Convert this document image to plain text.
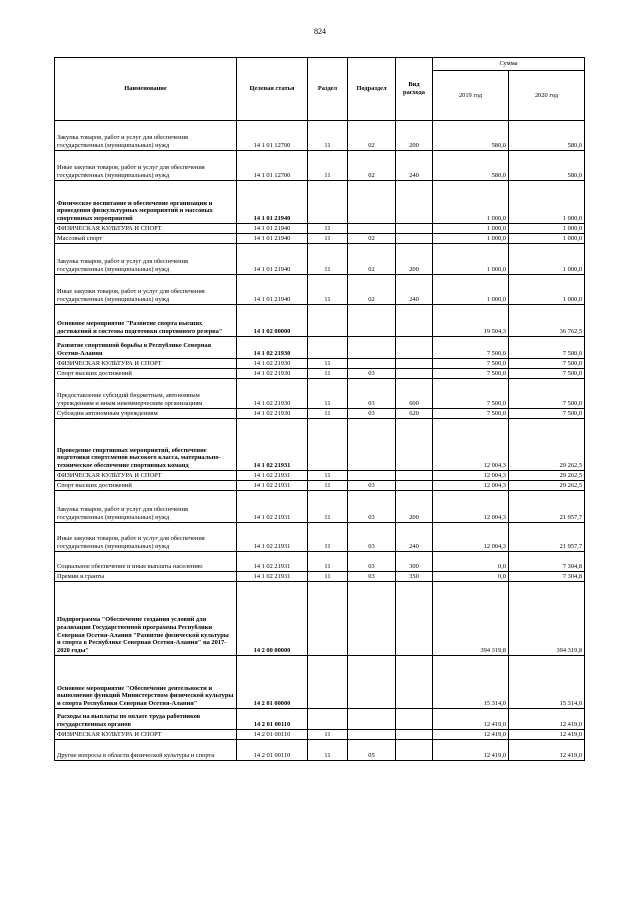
824
Наименование	Целевая статья	Раздел	Подраздел	Вид расхода	Сумма	
					2019 год	2020 год
Закупка товаров, работ и услуг для обеспечения государственных (муниципальных) нужд	14 1 01 12700	11	02	200	580,0	580,0
Иные закупки товаров, работ и услуг для обеспечения государственных (муниципальных) нужд	14 1 01 12700	11	02	240	580,0	580,0
Физическое воспитание и обеспечение организации и проведения физкультурных мероприятий и массовых спортивных мероприятий	14 1 01 21940				1 000,0	1 000,0
ФИЗИЧЕСКАЯ КУЛЬТУРА И СПОРТ	14 1 01 21940	11			1 000,0	1 000,0
Массовый спорт	14 1 01 21940	11	02		1 000,0	1 000,0
Закупка товаров, работ и услуг для обеспечения государственных (муниципальных) нужд	14 1 01 21940	11	02	200	1 000,0	1 000,0
Иные закупки товаров, работ и услуг для обеспечения государственных (муниципальных) нужд	14 1 01 21940	11	02	240	1 000,0	1 000,0
Основное мероприятие "Развитие спорта высших достижений и системы подготовки спортивного резерва"	14 1 02 00000				19 504,3	36 762,5
Развитие спортивной борьбы в Республике Северная Осетия-Алания	14 1 02 21930				7 500,0	7 500,0
ФИЗИЧЕСКАЯ КУЛЬТУРА И СПОРТ	14 1 02 21930	11			7 500,0	7 500,0
Спорт высших достижений	14 1 02 21930	11	03		7 500,0	7 500,0
Предоставление субсидий бюджетным, автономным учреждениям и иным некоммерческим организациям	14 1 02 21930	11	03	600	7 500,0	7 500,0
Субсидии автономным учреждениям	14 1 02 21930	11	03	620	7 500,0	7 500,0
Проведение спортивных мероприятий, обеспечение подготовки спортсменов высокого класса, материально-техническое обеспечение спортивных команд	14 1 02 21931				12 004,3	29 262,5
ФИЗИЧЕСКАЯ КУЛЬТУРА И СПОРТ	14 1 02 21931	11			12 004,3	29 262,5
Спорт высших достижений	14 1 02 21931	11	03		12 004,3	29 262,5
Закупка товаров, работ и услуг для обеспечения государственных (муниципальных) нужд	14 1 02 21931	11	03	200	12 004,3	21 957,7
Иные закупки товаров, работ и услуг для обеспечения государственных (муниципальных) нужд	14 1 02 21931	11	03	240	12 004,3	21 957,7
Социальное обеспечение и иные выплаты населению	14 1 02 21931	11	03	300	0,0	7 304,8
Премии и гранты	14 1 02 21931	11	03	350	0,0	7 304,8
Подпрограмма "Обеспечение создания условий для реализации Государственной программы Республики Северная Осетия-Алания "Развитие физической культуры и спорта в Республике Северная Осетия-Алания" на 2017-2020 годы"	14 2 00 00000				394 319,8	394 319,8
Основное мероприятие "Обеспечение деятельности и выполнение функций Министерством физической культуры и спорта Республики Северная Осетия-Алания"	14 2 01 00000				15 314,0	15 314,0
Расходы на выплаты по оплате труда работников государственных органов	14 2 01 00110				12 419,0	12 419,0
ФИЗИЧЕСКАЯ КУЛЬТУРА И СПОРТ	14 2 01 00110	11			12 419,0	12 419,0
Другие вопросы в области физической культуры и спорта	14 2 01 00110	11	05		12 419,0	12 419,0
